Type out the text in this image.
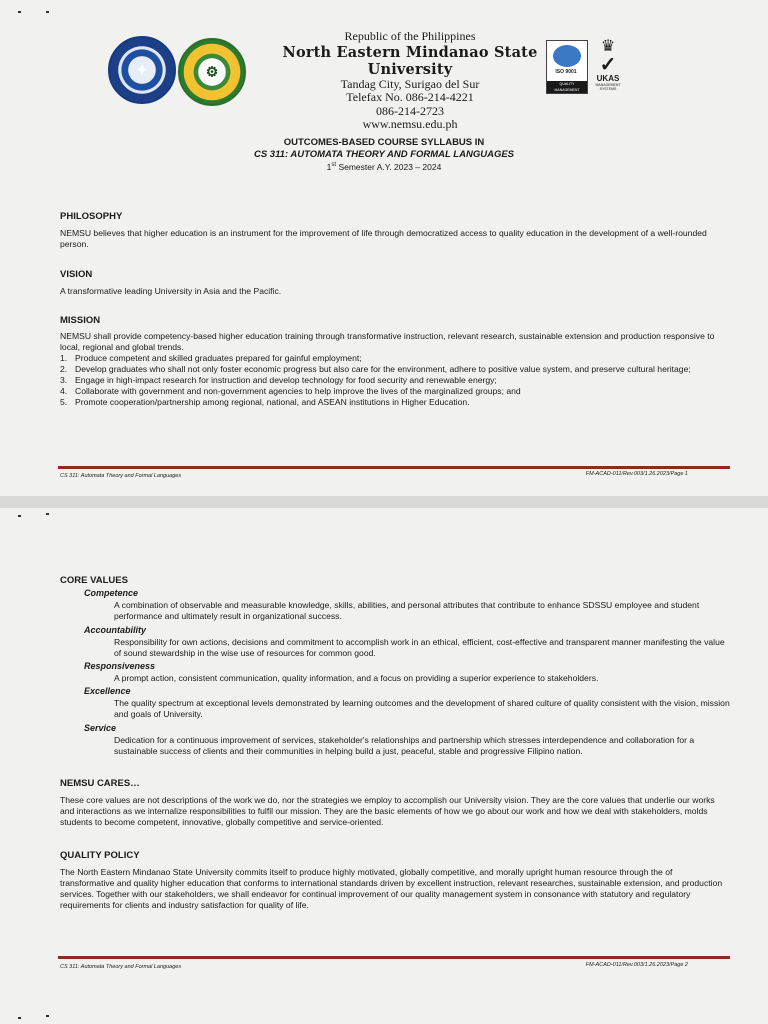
✦	⚙
Republic of the Philippines
North Eastern Mindanao State University
Tandag City, Surigao del Sur
Telefax No. 086-214-4221
086-214-2723
www.nemsu.edu.ph
ISO 9001
QUALITY MANAGEMENT
♛
✓
UKAS
MANAGEMENT SYSTEMS
OUTCOMES-BASED COURSE SYLLABUS IN
CS 311: AUTOMATA THEORY AND FORMAL LANGUAGES
1st Semester A.Y. 2023 – 2024
PHILOSOPHY
NEMSU believes that higher education is an instrument for the improvement of life through democratized access to quality education in the development of a well-rounded person.
VISION
A transformative leading University in Asia and the Pacific.
MISSION
NEMSU shall provide competency-based higher education training through transformative instruction, relevant research, sustainable extension and production responsive to local, regional and global trends.
1. Produce competent and skilled graduates prepared for gainful employment;
2. Develop graduates who shall not only foster economic progress but also care for the environment, adhere to positive value system, and preserve cultural heritage;
3. Engage in high-impact research for instruction and develop technology for food security and renewable energy;
4. Collaborate with government and non-government agencies to help improve the lives of the marginalized groups; and
5. Promote cooperation/partnership among regional, national, and ASEAN institutions in Higher Education.
CS 311: Automata Theory and Formal Languages	FM-ACAD-011/Rev.003/1.26.2023/Page 1
CORE VALUES
Competence
A combination of observable and measurable knowledge, skills, abilities, and personal attributes that contribute to enhance SDSSU employee and student performance and ultimately result in organizational success.
Accountability
Responsibility for own actions, decisions and commitment to accomplish work in an ethical, efficient, cost-effective and transparent manner manifesting the value of sound stewardship in the wise use of resources for common good.
Responsiveness
A prompt action, consistent communication, quality information, and a focus on providing a superior experience to stakeholders.
Excellence
The quality spectrum at exceptional levels demonstrated by learning outcomes and the development of shared culture of quality consistent with the vision, mission and goals of University.
Service
Dedication for a continuous improvement of services, stakeholder's relationships and partnership which stresses interdependence and collaboration for a sustainable success of clients and their communities in helping build a just, peaceful, stable and progressive Filipino nation.
NEMSU CARES…
These core values are not descriptions of the work we do, nor the strategies we employ to accomplish our University vision. They are the core values that underlie our works and interactions as we internalize responsibilities to fulfil our mission. They are the basic elements of how we go about our work and how we deal with stakeholders, molds students to become competent, innovative, globally competitive and service-oriented.
QUALITY POLICY
The North Eastern Mindanao State University commits itself to produce highly motivated, globally competitive, and morally upright human resource through the of transformative and quality higher education that conforms to international standards driven by excellent instruction, relevant researches, sustainable extension, and production services. Together with our stakeholders, we shall endeavor for continual improvement of our quality management system in consonance with statutory and regulatory requirements for clients and industry satisfaction for quality of life.
CS 311: Automata Theory and Formal Languages	FM-ACAD-011/Rev.003/1.26.2023/Page 2
